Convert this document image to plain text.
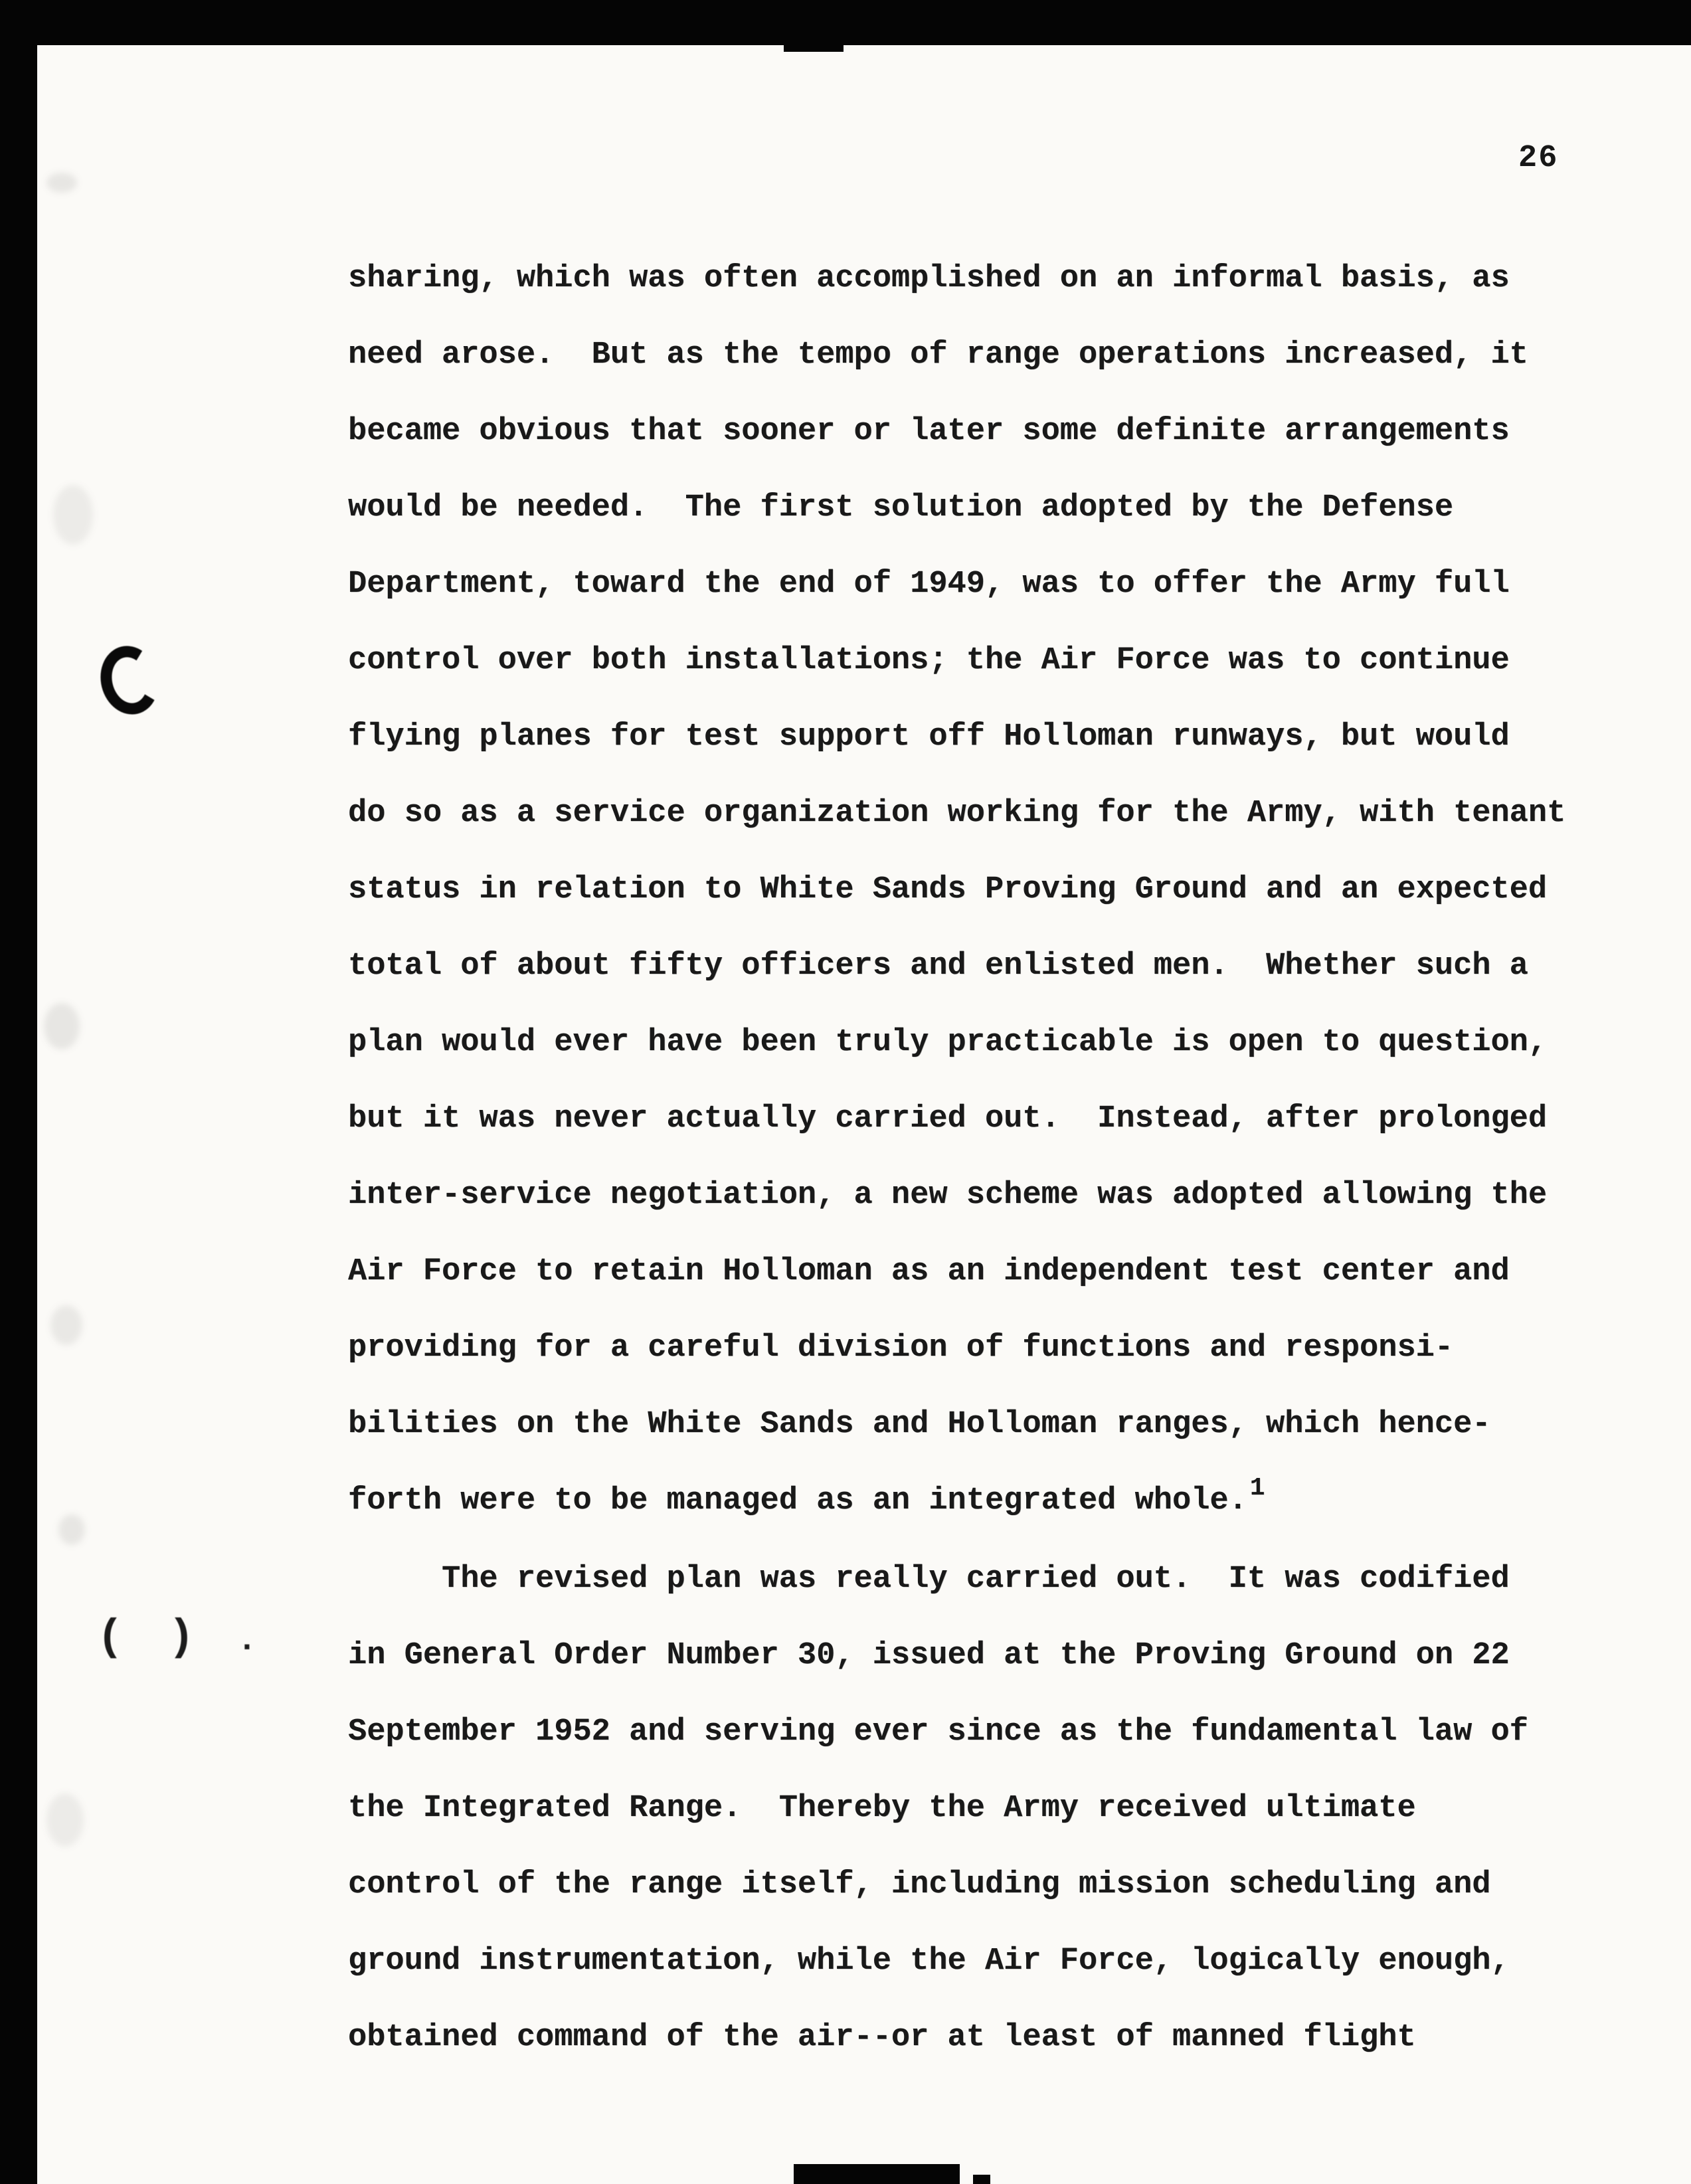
( ) .
26
sharing, which was often accomplished on an informal basis, as
need arose.  But as the tempo of range operations increased, it
became obvious that sooner or later some definite arrangements
would be needed.  The first solution adopted by the Defense
Department, toward the end of 1949, was to offer the Army full
control over both installations; the Air Force was to continue
flying planes for test support off Holloman runways, but would
do so as a service organization working for the Army, with tenant
status in relation to White Sands Proving Ground and an expected
total of about fifty officers and enlisted men.  Whether such a
plan would ever have been truly practicable is open to question,
but it was never actually carried out.  Instead, after prolonged
inter-service negotiation, a new scheme was adopted allowing the
Air Force to retain Holloman as an independent test center and
providing for a careful division of functions and responsi-
bilities on the White Sands and Holloman ranges, which hence-
forth were to be managed as an integrated whole. 1
The revised plan was really carried out.  It was codified
in General Order Number 30, issued at the Proving Ground on 22
September 1952 and serving ever since as the fundamental law of
the Integrated Range.  Thereby the Army received ultimate
control of the range itself, including mission scheduling and
ground instrumentation, while the Air Force, logically enough,
obtained command of the air--or at least of manned flight
